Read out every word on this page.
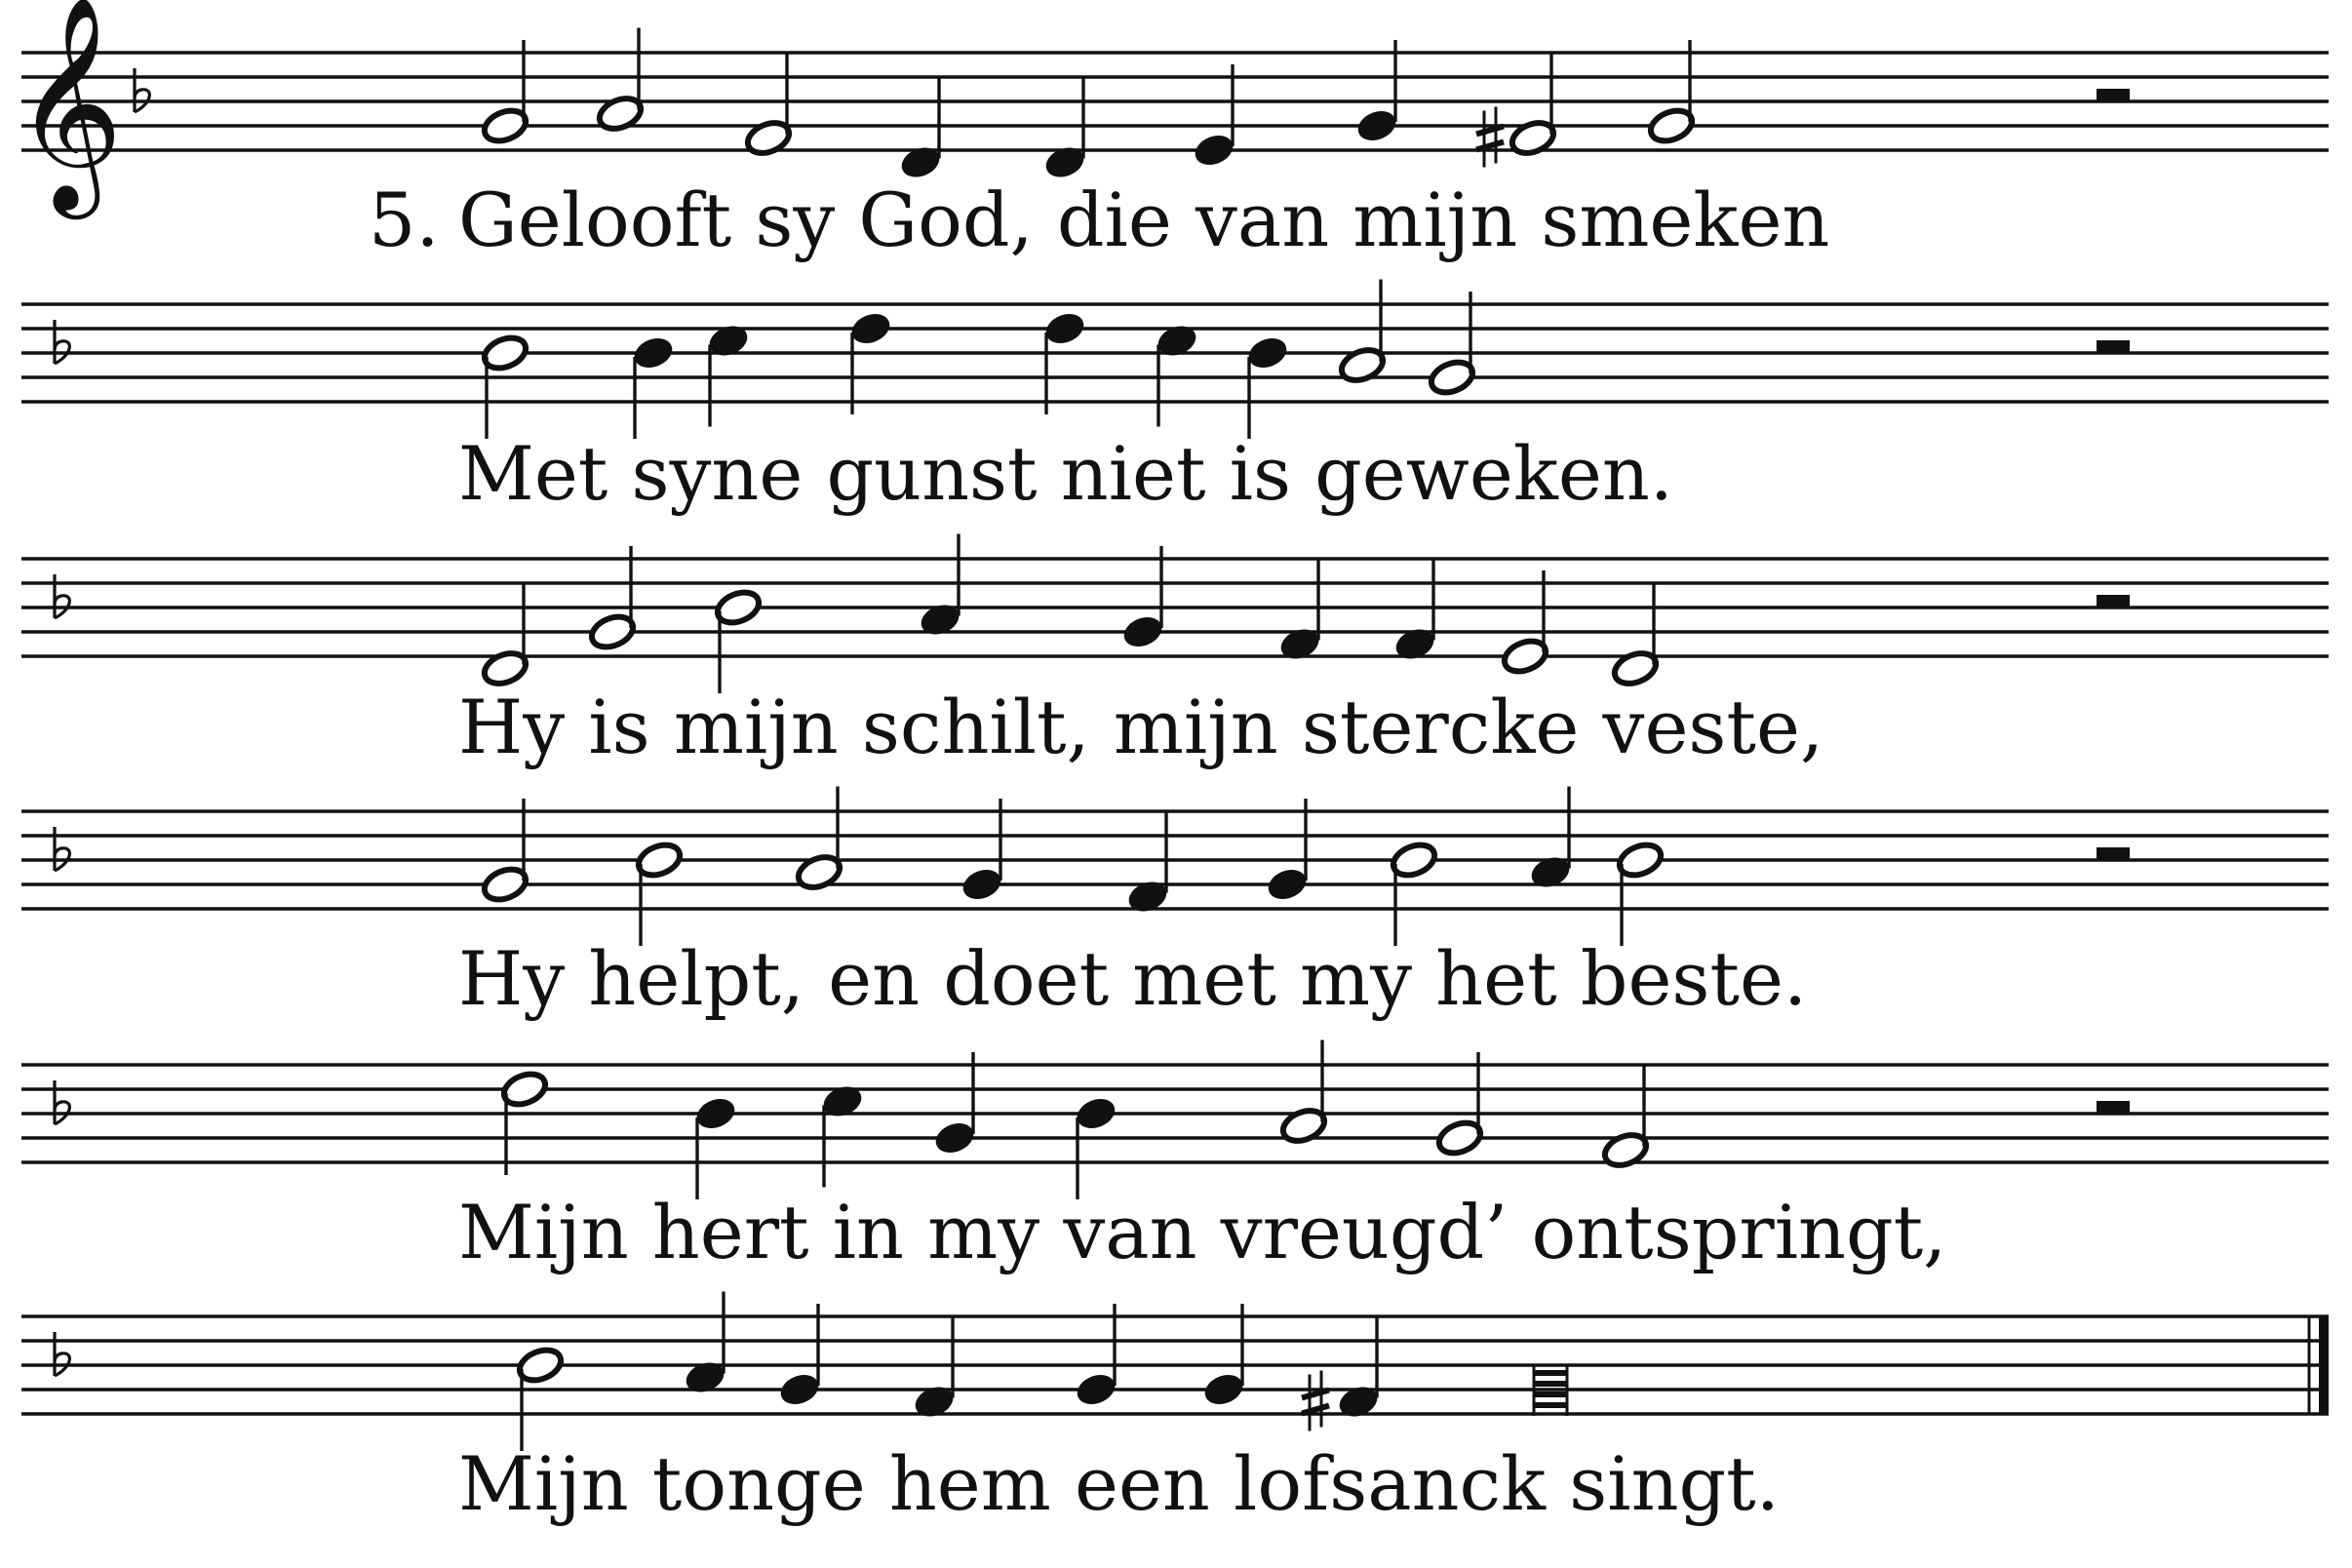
𝄞
Gelooft sy God, die van mijn smeken
5.
Met syne gunst niet is geweken.
Hy is mijn schilt, mijn stercke veste,
Hy helpt, en doet met my het beste.
Mijn hert in my van vreugd’ ontspringt,
Mijn tonge hem een lofsanck singt.
